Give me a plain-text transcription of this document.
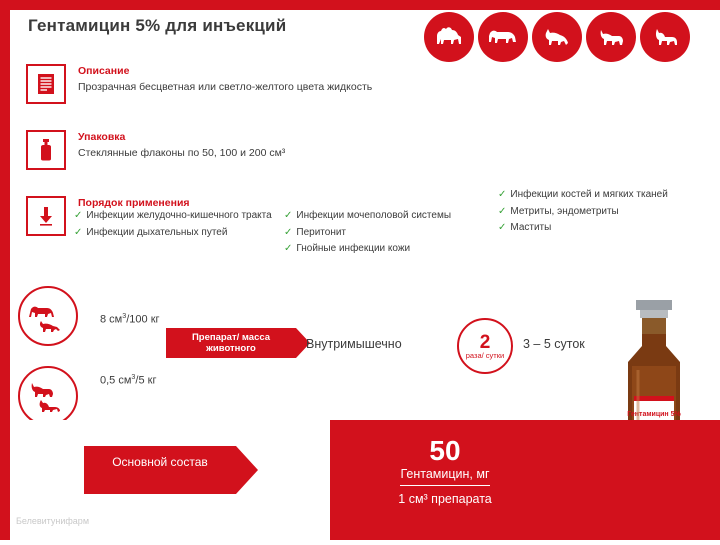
Гентамицин 5% для инъекций
Описание
Прозрачная бесцветная или светло-желтого цвета жидкость
Упаковка
Стеклянные флаконы по 50, 100 и 200 см³
Порядок применения
✓ Инфекции желудочно-кишечного тракта
✓ Инфекции дыхательных путей
✓ Инфекции мочеполовой системы
✓ Перитонит
✓ Гнойные инфекции кожи
✓ Инфекции костей и мягких тканей
✓ Метриты, эндометриты
✓ Маститы
8 $см^3/100$ кг
0,5 $см^3/5$ кг
Препарат/ масса животного	Внутримышечно	2
раза/ сутки
3 – 5 суток
Гентамицин 5%
Основной состав	50
Гентамицин, мг
1 см³ препарата
Белевитунифарм
